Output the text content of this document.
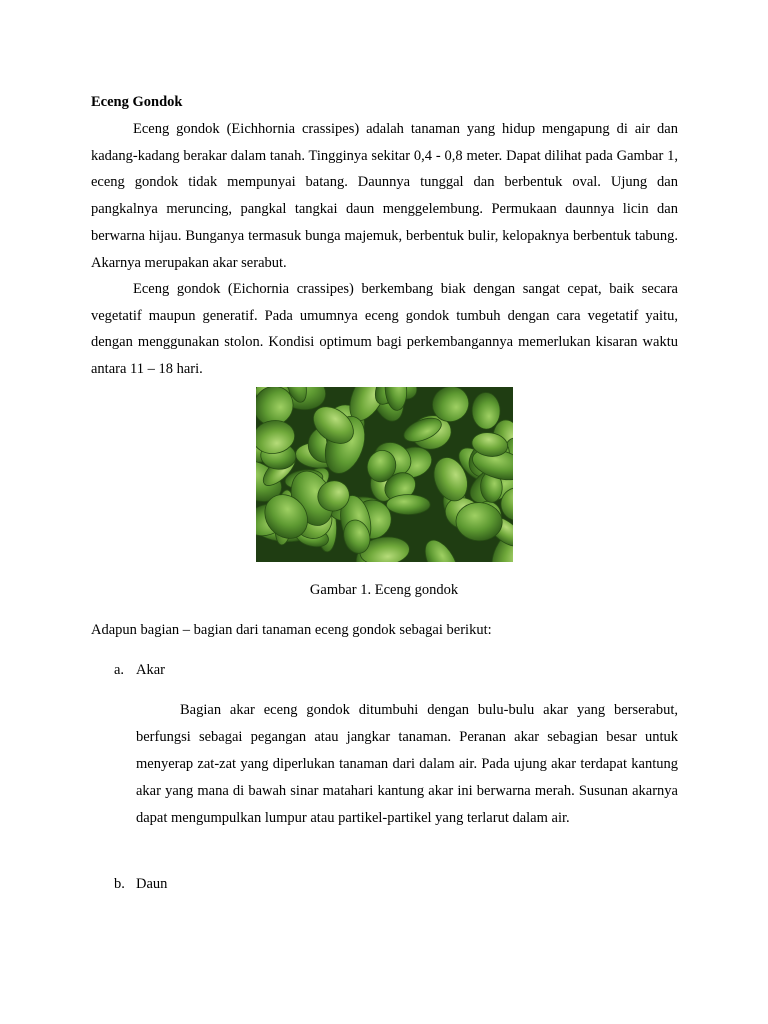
Eceng Gondok

Eceng gondok (Eichhornia crassipes) adalah tanaman yang hidup mengapung di air dan kadang-kadang berakar dalam tanah. Tingginya sekitar 0,4 - 0,8 meter. Dapat dilihat pada Gambar 1, eceng gondok tidak mempunyai batang. Daunnya tunggal dan berbentuk oval. Ujung dan pangkalnya meruncing, pangkal tangkai daun menggelembung. Permukaan daunnya licin dan berwarna hijau. Bunganya termasuk bunga majemuk, berbentuk bulir, kelopaknya berbentuk tabung. Akarnya merupakan akar serabut.

Eceng gondok (Eichornia crassipes) berkembang biak dengan sangat cepat, baik secara vegetatif maupun generatif. Pada umumnya eceng gondok tumbuh dengan cara vegetatif yaitu, dengan menggunakan stolon. Kondisi optimum bagi perkembangannya memerlukan kisaran waktu antara 11 – 18 hari.

Gambar 1. Eceng gondok
Adapun bagian – bagian dari tanaman eceng gondok sebagai berikut:
a. Akar

Bagian akar eceng gondok ditumbuhi dengan bulu-bulu akar yang berserabut, berfungsi sebagai pegangan atau jangkar tanaman. Peranan akar sebagian besar untuk menyerap zat-zat yang diperlukan tanaman dari dalam air. Pada ujung akar terdapat kantung akar yang mana di bawah sinar matahari kantung akar ini berwarna merah. Susunan akarnya dapat mengumpulkan lumpur atau partikel-partikel yang terlarut dalam air.

b. Daun
